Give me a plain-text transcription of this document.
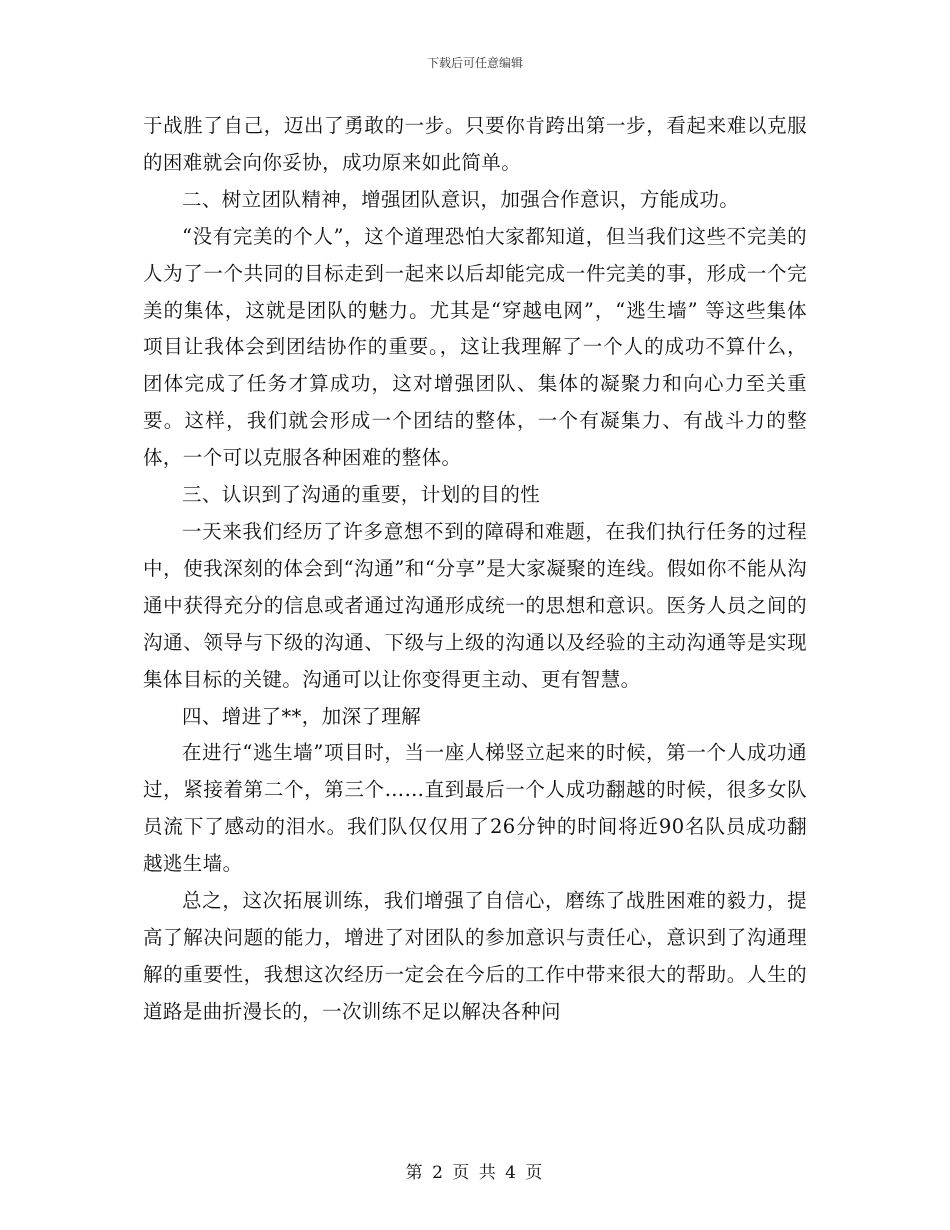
下载后可任意编辑

于战胜了自己，迈出了勇敢的一步。只要你肯跨出第一步，看起来难以克服的困难就会向你妥协，成功原来如此简单。

二、树立团队精神，增强团队意识，加强合作意识，方能成功。

“没有完美的个人”，这个道理恐怕大家都知道，但当我们这些不完美的人为了一个共同的目标走到一起来以后却能完成一件完美的事，形成一个完美的集体，这就是团队的魅力。尤其是“穿越电网”，“逃生墙” 等这些集体项目让我体会到团结协作的重要。，这让我理解了一个人的成功不算什么，团体完成了任务才算成功，这对增强团队、集体的凝聚力和向心力至关重要。这样，我们就会形成一个团结的整体，一个有凝集力、有战斗力的整体，一个可以克服各种困难的整体。

三、认识到了沟通的重要，计划的目的性

一天来我们经历了许多意想不到的障碍和难题，在我们执行任务的过程中，使我深刻的体会到“沟通”和“分享”是大家凝聚的连线。假如你不能从沟通中获得充分的信息或者通过沟通形成统一的思想和意识。医务人员之间的沟通、领导与下级的沟通、下级与上级的沟通以及经验的主动沟通等是实现集体目标的关键。沟通可以让你变得更主动、更有智慧。

四、增进了**，加深了理解

在进行“逃生墙”项目时，当一座人梯竖立起来的时候，第一个人成功通过，紧接着第二个，第三个……直到最后一个人成功翻越的时候，很多女队员流下了感动的泪水。我们队仅仅用了26分钟的时间将近90名队员成功翻越逃生墙。

总之，这次拓展训练，我们增强了自信心，磨练了战胜困难的毅力，提高了解决问题的能力，增进了对团队的参加意识与责任心，意识到了沟通理解的重要性，我想这次经历一定会在今后的工作中带来很大的帮助。人生的道路是曲折漫长的，一次训练不足以解决各种问

第 2 页 共 4 页
